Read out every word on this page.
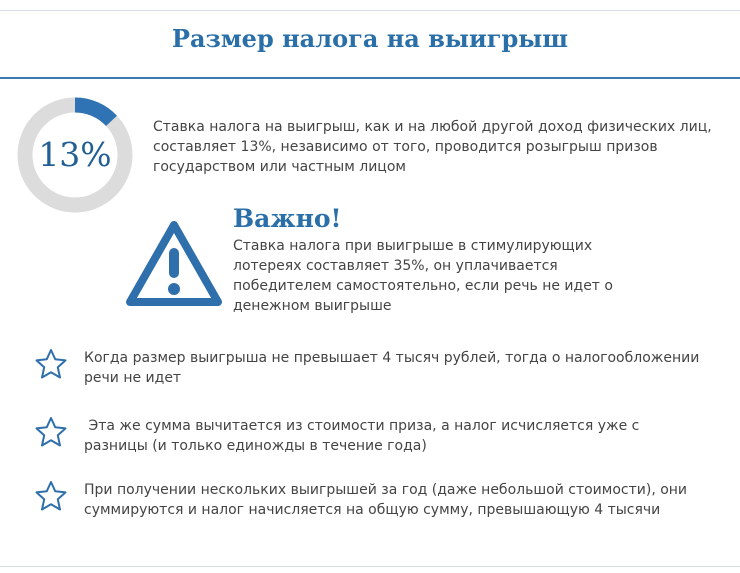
Размер налога на выигрыш
13%

Ставка налога на выигрыш, как и на любой другой доход физических лиц, составляет 13%, независимо от того, проводится розыгрыш призов государством или частным лицом

Важно!

Ставка налога при выигрыше в стимулирующих лотереях составляет 35%, он уплачивается победителем самостоятельно, если речь не идет о денежном выигрыше

Когда размер выигрыша не превышает 4 тысяч рублей, тогда о налогообложении речи не идет

Эта же сумма вычитается из стоимости приза, а налог исчисляется уже с разницы (и только единожды в течение года)

При получении нескольких выигрышей за год (даже небольшой стоимости), они суммируются и налог начисляется на общую сумму, превышающую 4 тысячи
